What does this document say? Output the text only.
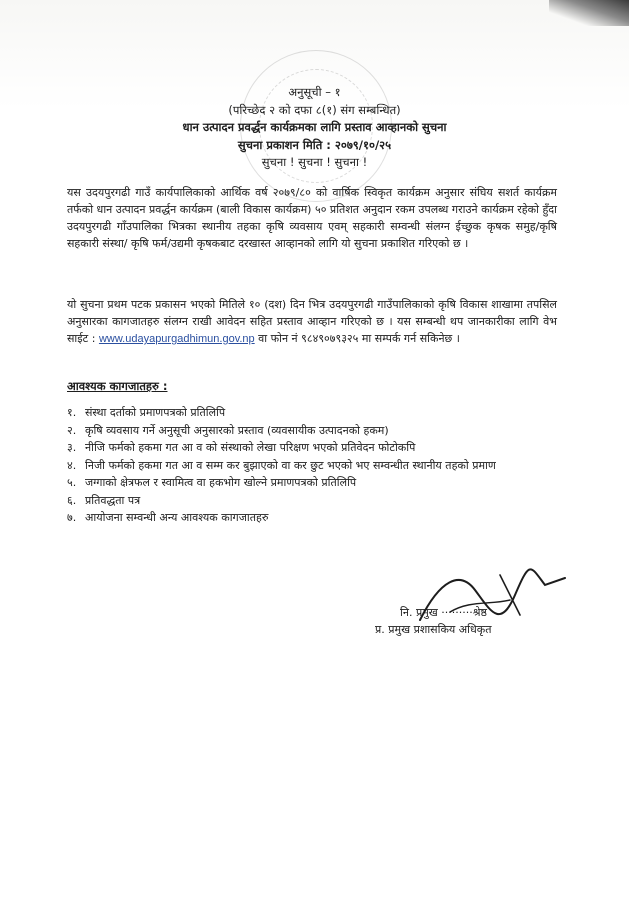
अनुसूची – १
(परिच्छेद २ को दफा ८(१) संग सम्बन्धित)
धान उत्पादन प्रवर्द्धन कार्यक्रमका लागि प्रस्ताव आव्हानको सुचना
सुचना प्रकाशन मिति : २०७९/१०/२५
सुचना ! सुचना ! सुचना !
यस उदयपुरगढी गाउँ कार्यपालिकाको आर्थिक वर्ष २०७९/८० को वार्षिक स्विकृत कार्यक्रम अनुसार संघिय सशर्त कार्यक्रम तर्फको धान उत्पादन प्रवर्द्धन कार्यक्रम (बाली विकास कार्यक्रम) ५० प्रतिशत अनुदान रकम उपलब्ध गराउने कार्यक्रम रहेको हुँदा उदयपुरगढी गाँउपालिका भित्रका स्थानीय तहका कृषि व्यवसाय एवम् सहकारी सम्वन्धी संलग्न ईच्छुक कृषक समुह/कृषि सहकारी संस्था/ कृषि फर्म/उद्यमी कृषकबाट दरखास्त आव्हानको लागि यो सुचना प्रकाशित गरिएको छ ।
यो सुचना प्रथम पटक प्रकासन भएको मितिले १० (दश) दिन भित्र उदयपुरगढी गाउँपालिकाको कृषि विकास शाखामा तपसिल अनुसारका कागजातहरु संलग्न राखी आवेदन सहित प्रस्ताव आव्हान गरिएको छ । यस सम्बन्धी थप जानकारीका लागि वेभ साईट : www.udayapurgadhimun.gov.np वा फोन नं ९८४९०७९३२५ मा सम्पर्क गर्न सकिनेछ ।
आवश्यक कागजातहरु :
१. संस्था दर्ताको प्रमाणपत्रको प्रतिलिपि
२. कृषि व्यवसाय गर्ने अनुसूची अनुसारको प्रस्ताव (व्यवसायीक उत्पादनको हकम)
३. नीजि फर्मको हकमा गत आ व को संस्थाको लेखा परिक्षण भएको प्रतिवेदन फोटोकपि
४. निजी फर्मको हकमा गत आ व सम्म कर बुझाएको वा कर छुट भएको भए सम्वन्धीत स्थानीय तहको प्रमाण
५. जग्गाको क्षेत्रफल र स्वामित्व वा हकभोग खोल्ने प्रमाणपत्रको प्रतिलिपि
६. प्रतिवद्धता पत्र
७. आयोजना सम्वन्धी अन्य आवश्यक कागजातहरु
नि. प्रमुख ·········श्रेष्ठ
प्र. प्रमुख प्रशासकिय अधिकृत
